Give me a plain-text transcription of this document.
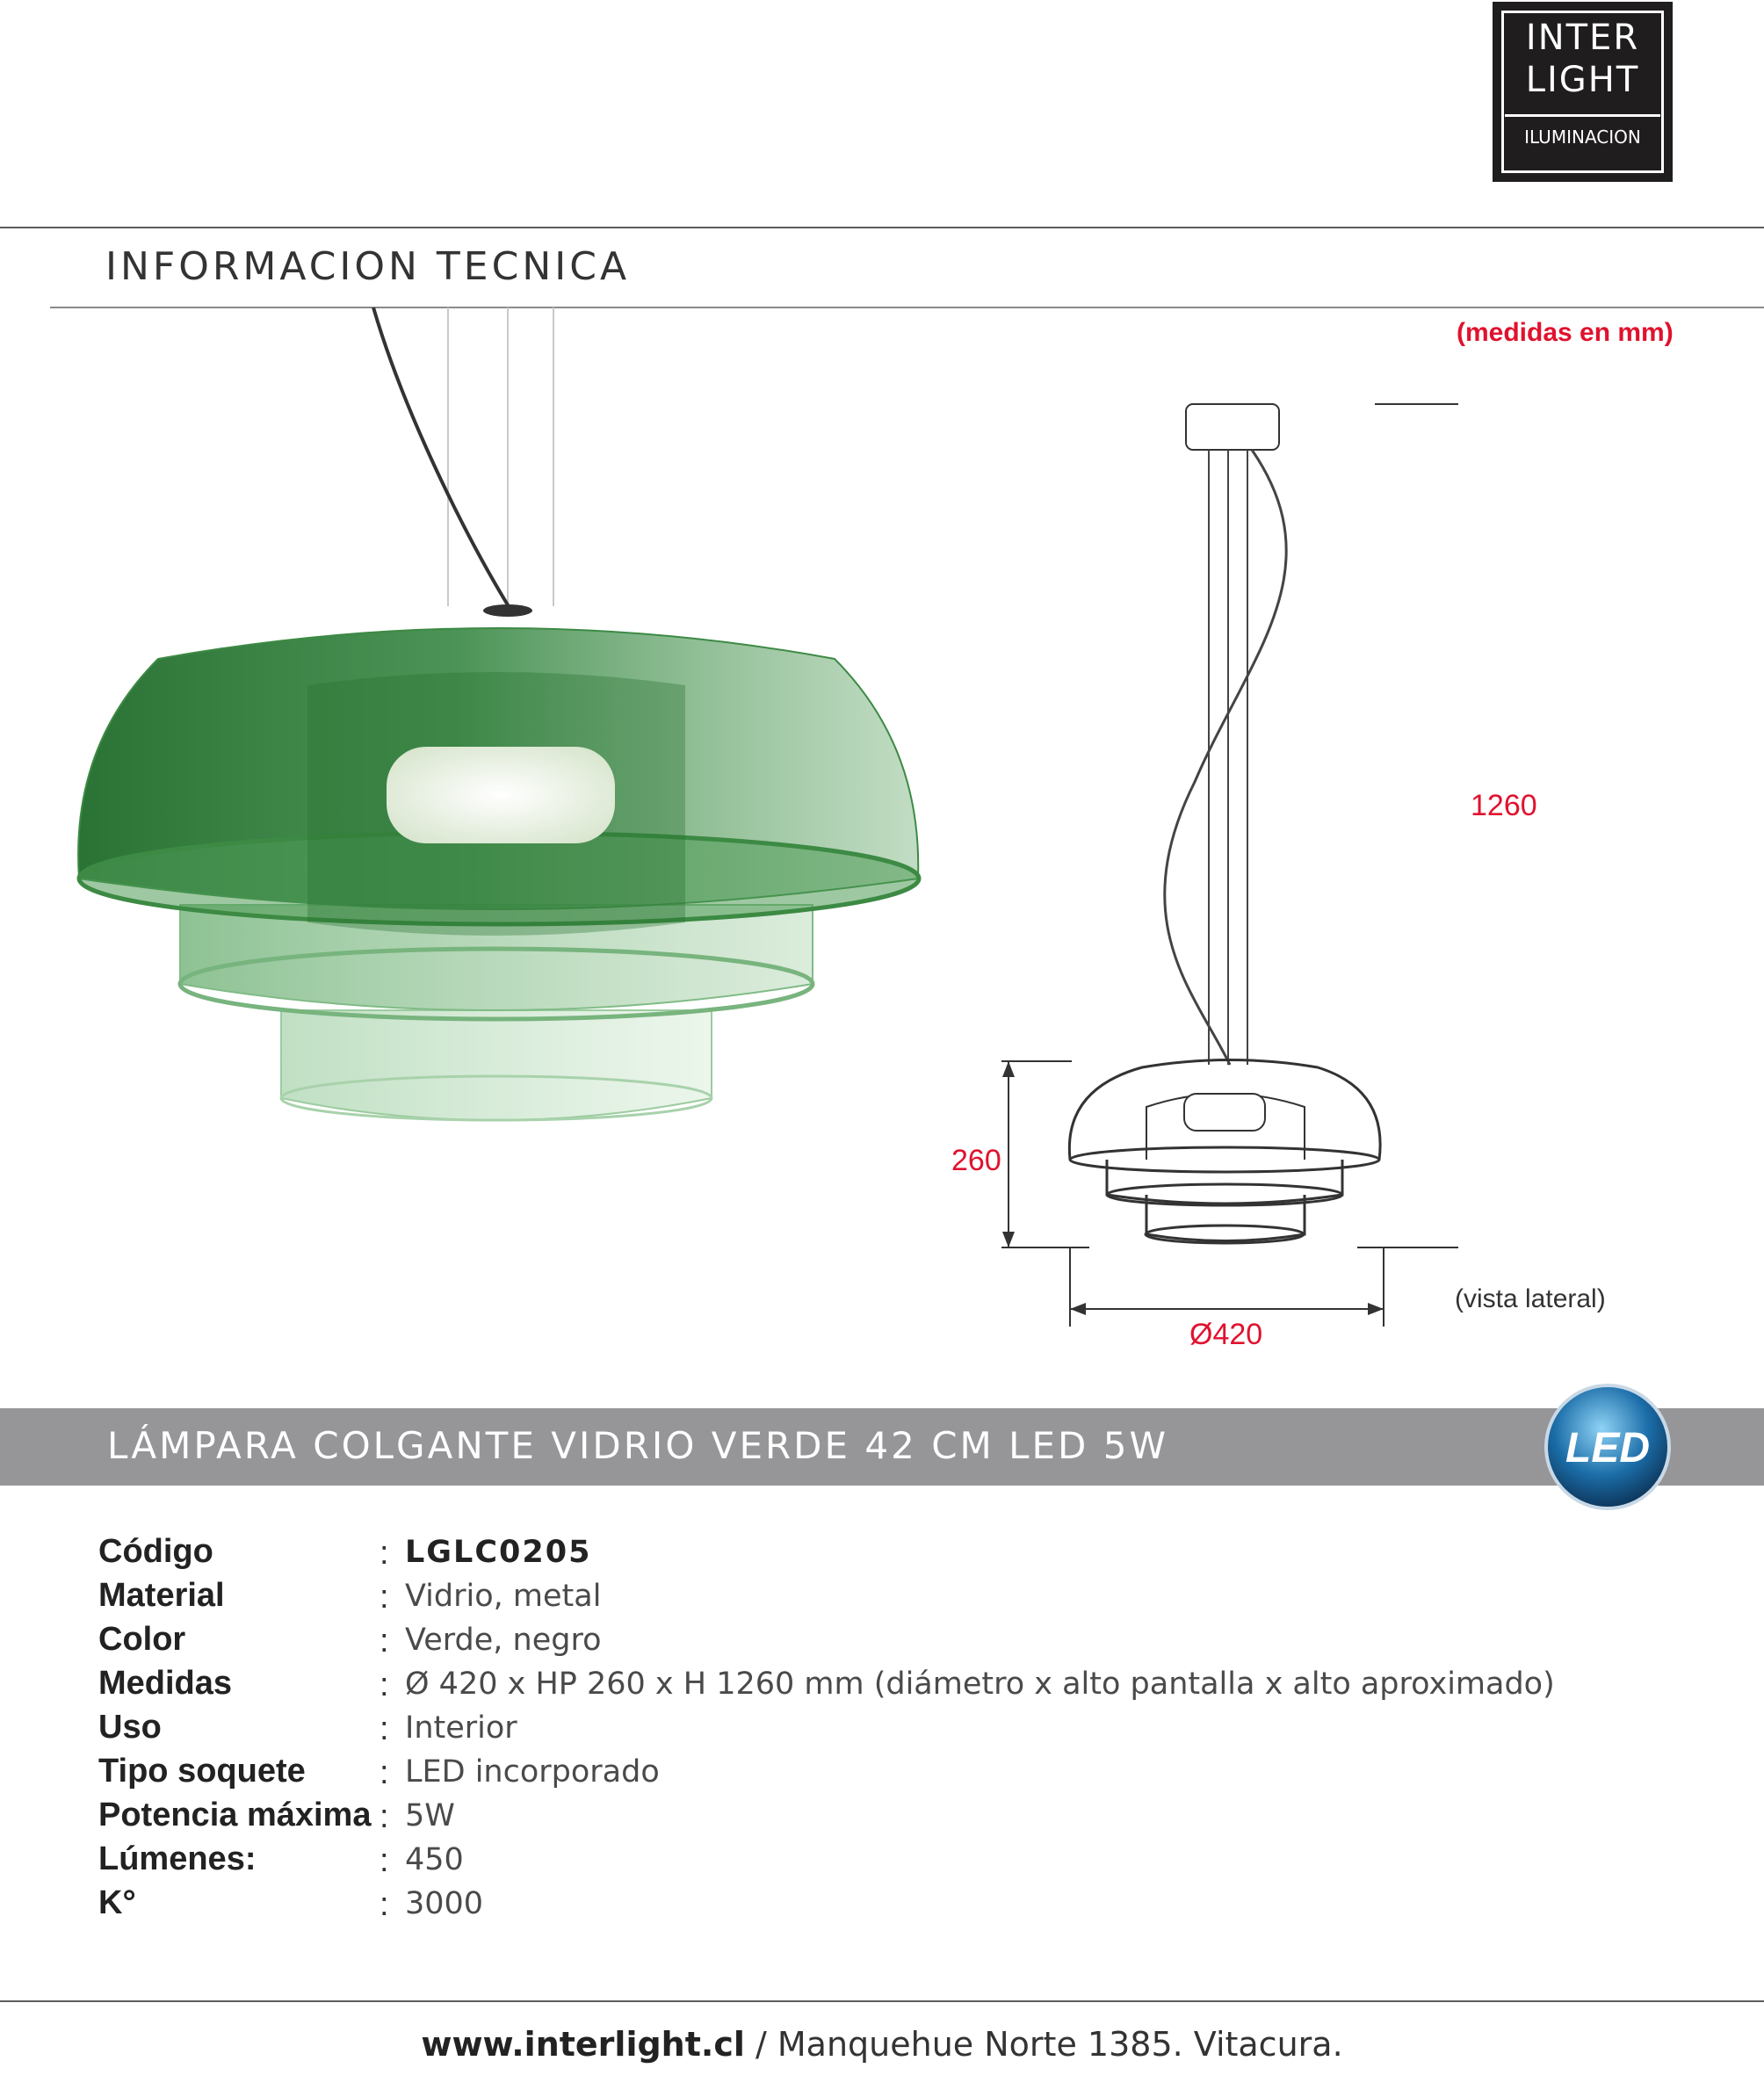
INTER
LIGHT
ILUMINACION
INFORMACION TECNICA
(medidas en mm)
1260
260
Ø420
(vista lateral)
LÁMPARA COLGANTE VIDRIO VERDE 42 CM LED 5W	LED
Código	: LGLC0205
Material	: Vidrio, metal
Color	: Verde, negro
Medidas	: Ø 420 x HP 260 x H 1260 mm (diámetro x alto pantalla x alto aproximado)
Uso	: Interior
Tipo soquete : LED incorporado
Potencia máxima : 5W
Lúmenes:	: 450
K°	: 3000
www.interlight.cl / Manquehue Norte 1385. Vitacura.
